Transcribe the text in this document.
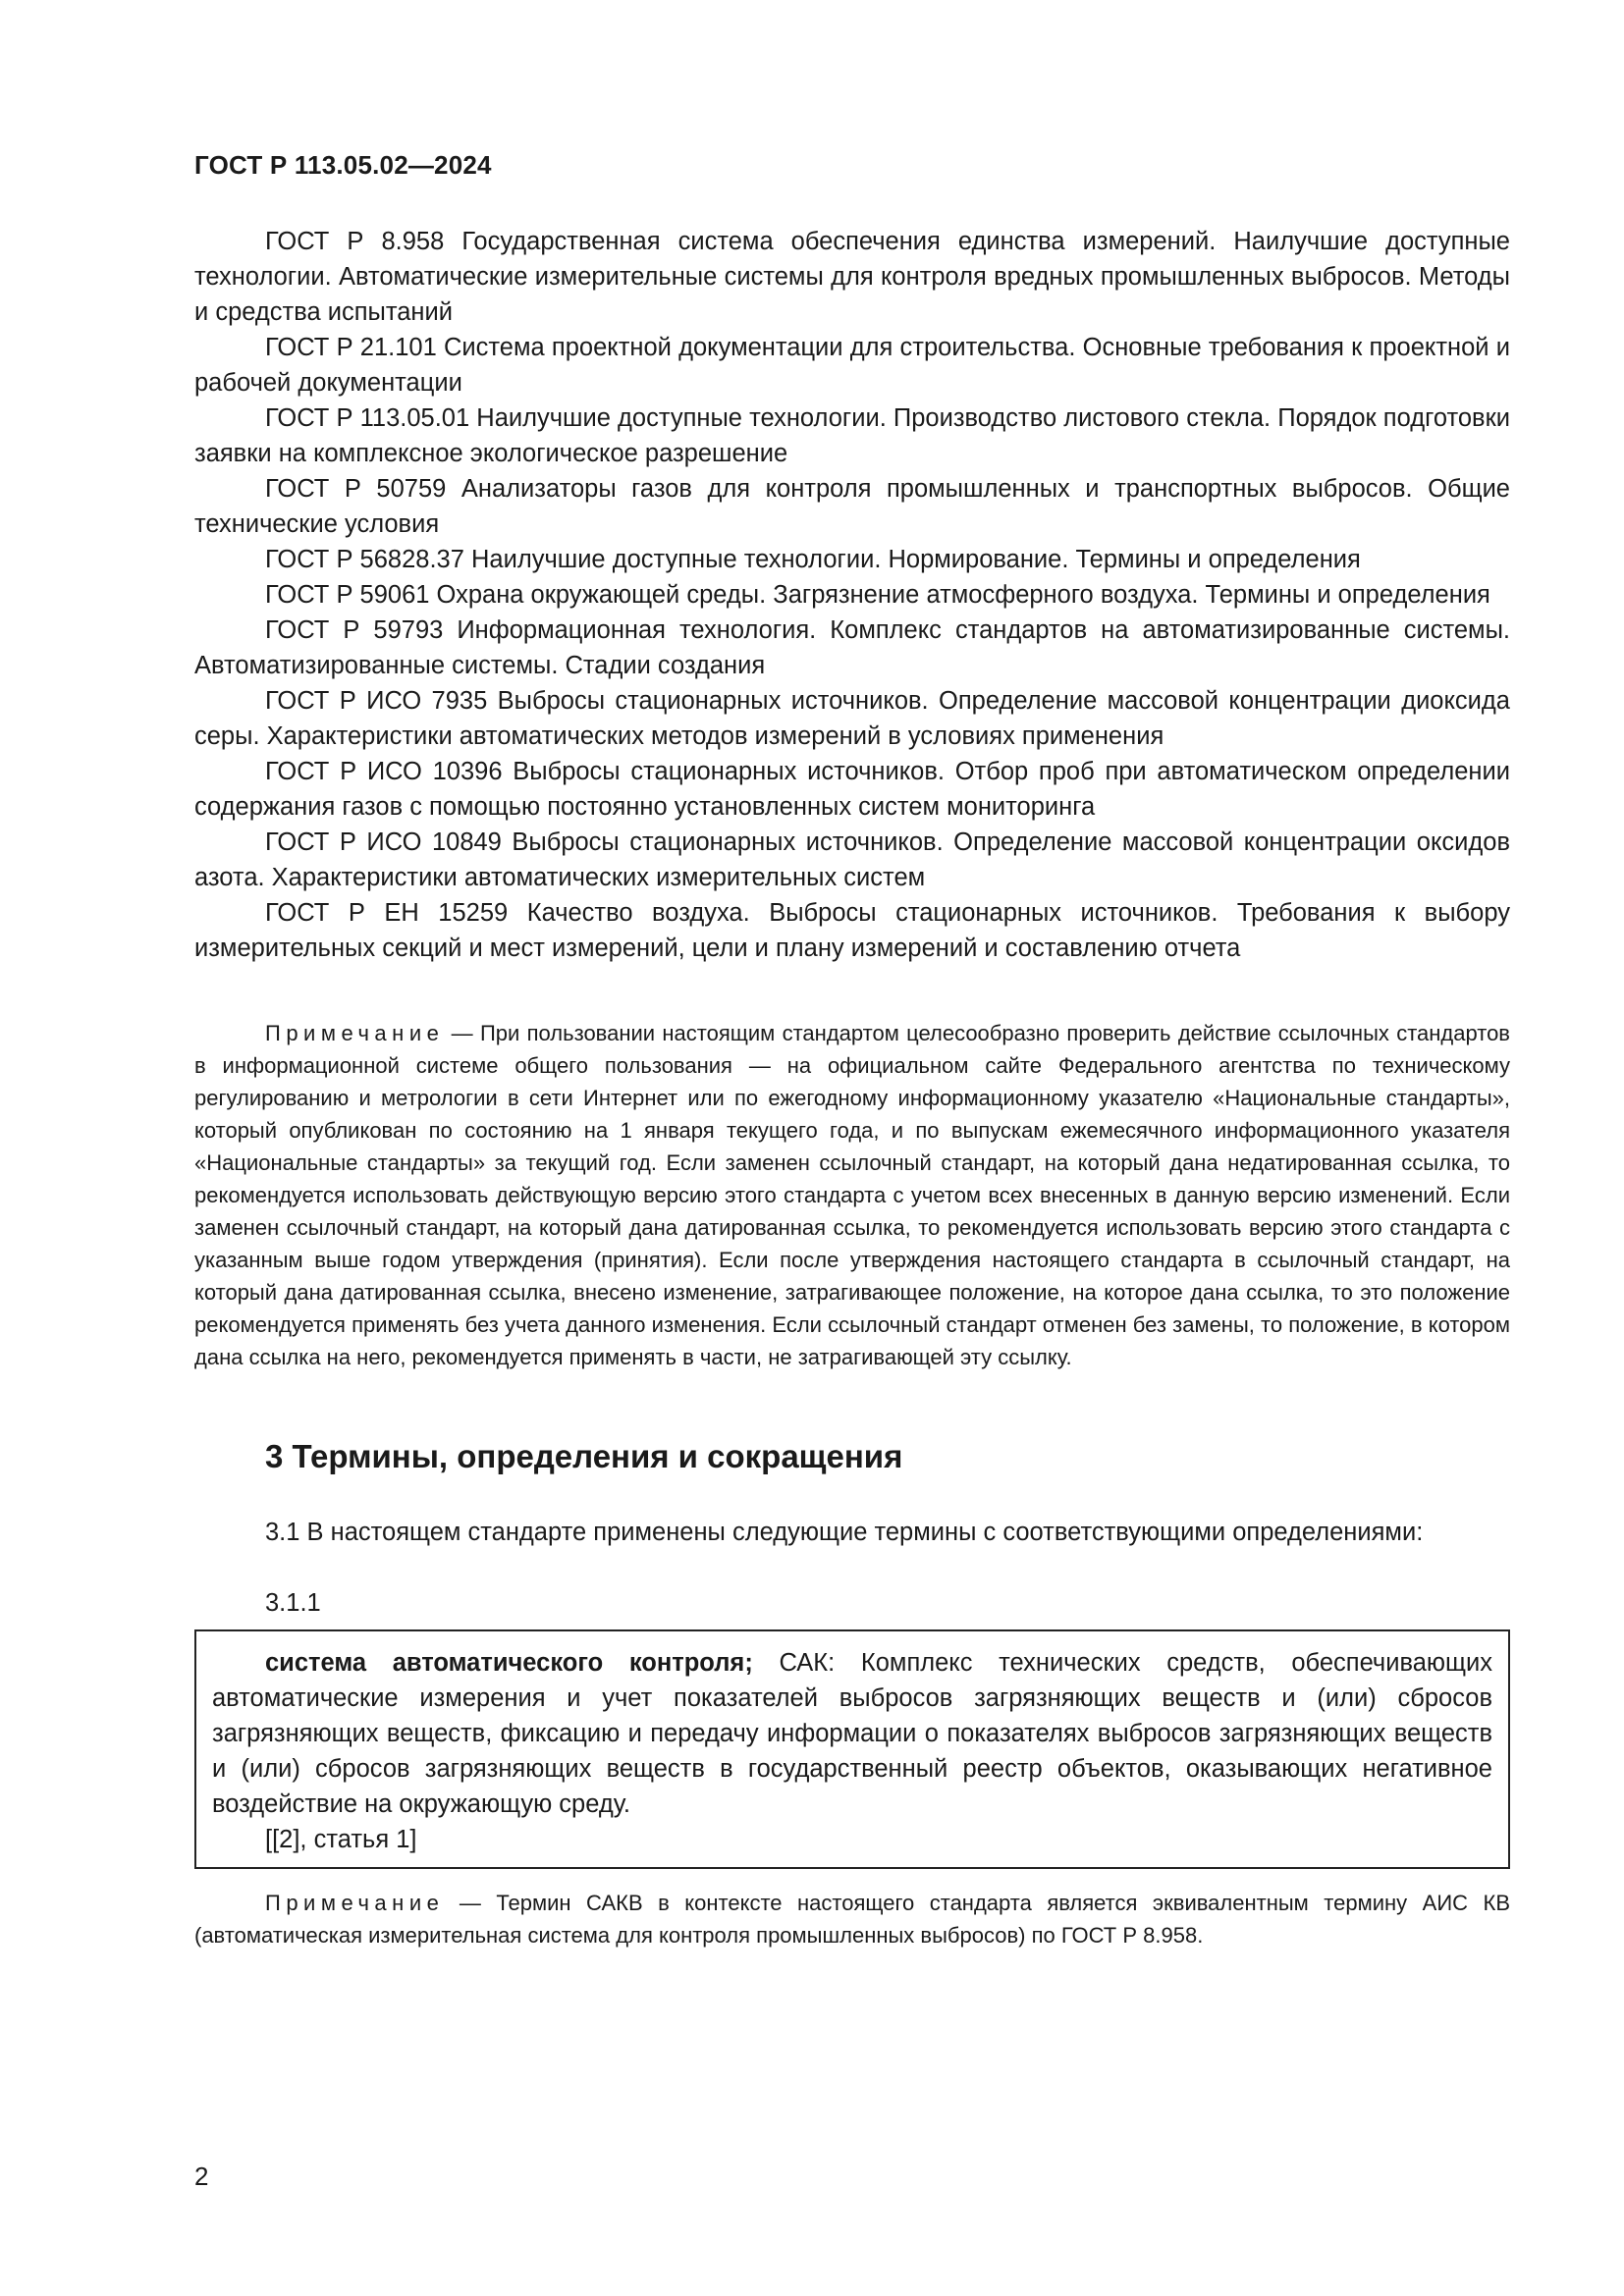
ГОСТ Р 113.05.02—2024

ГОСТ Р 8.958 Государственная система обеспечения единства измерений. Наилучшие доступные технологии. Автоматические измерительные системы для контроля вредных промышленных выбросов. Методы и средства испытаний

ГОСТ Р 21.101 Система проектной документации для строительства. Основные требования к проектной и рабочей документации

ГОСТ Р 113.05.01 Наилучшие доступные технологии. Производство листового стекла. Порядок подготовки заявки на комплексное экологическое разрешение

ГОСТ Р 50759 Анализаторы газов для контроля промышленных и транспортных выбросов. Общие технические условия

ГОСТ Р 56828.37 Наилучшие доступные технологии. Нормирование. Термины и определения

ГОСТ Р 59061 Охрана окружающей среды. Загрязнение атмосферного воздуха. Термины и определения

ГОСТ Р 59793 Информационная технология. Комплекс стандартов на автоматизированные системы. Автоматизированные системы. Стадии создания

ГОСТ Р ИСО 7935 Выбросы стационарных источников. Определение массовой концентрации диоксида серы. Характеристики автоматических методов измерений в условиях применения

ГОСТ Р ИСО 10396 Выбросы стационарных источников. Отбор проб при автоматическом определении содержания газов с помощью постоянно установленных систем мониторинга

ГОСТ Р ИСО 10849 Выбросы стационарных источников. Определение массовой концентрации оксидов азота. Характеристики автоматических измерительных систем

ГОСТ Р ЕН 15259 Качество воздуха. Выбросы стационарных источников. Требования к выбору измерительных секций и мест измерений, цели и плану измерений и составлению отчета

Примечание — При пользовании настоящим стандартом целесообразно проверить действие ссылочных стандартов в информационной системе общего пользования — на официальном сайте Федерального агентства по техническому регулированию и метрологии в сети Интернет или по ежегодному информационному указателю «Национальные стандарты», который опубликован по состоянию на 1 января текущего года, и по выпускам ежемесячного информационного указателя «Национальные стандарты» за текущий год. Если заменен ссылочный стандарт, на который дана недатированная ссылка, то рекомендуется использовать действующую версию этого стандарта с учетом всех внесенных в данную версию изменений. Если заменен ссылочный стандарт, на который дана датированная ссылка, то рекомендуется использовать версию этого стандарта с указанным выше годом утверждения (принятия). Если после утверждения настоящего стандарта в ссылочный стандарт, на который дана датированная ссылка, внесено изменение, затрагивающее положение, на которое дана ссылка, то это положение рекомендуется применять без учета данного изменения. Если ссылочный стандарт отменен без замены, то положение, в котором дана ссылка на него, рекомендуется применять в части, не затрагивающей эту ссылку.
3 Термины, определения и сокращения

3.1 В настоящем стандарте применены следующие термины с соответствующими определениями:

3.1.1

система автоматического контроля; САК: Комплекс технических средств, обеспечивающих автоматические измерения и учет показателей выбросов загрязняющих веществ и (или) сбросов загрязняющих веществ, фиксацию и передачу информации о показателях выбросов загрязняющих веществ и (или) сбросов загрязняющих веществ в государственный реестр объектов, оказывающих негативное воздействие на окружающую среду.
[[2], статья 1]
Примечание — Термин САКВ в контексте настоящего стандарта является эквивалентным термину АИС КВ (автоматическая измерительная система для контроля промышленных выбросов) по ГОСТ Р 8.958.
2
